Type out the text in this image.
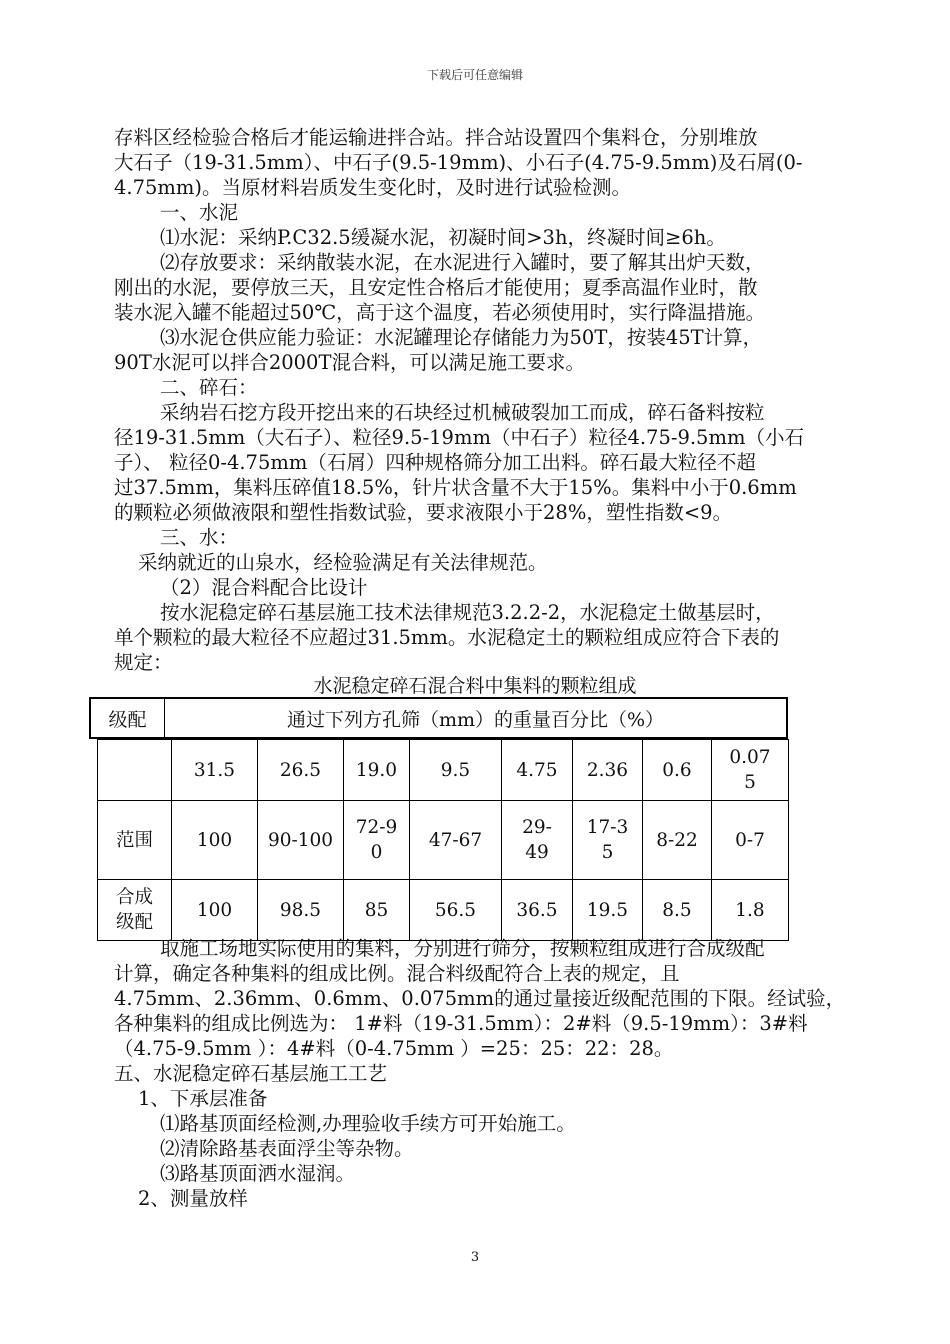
下载后可任意编辑
存料区经检验合格后才能运输进拌合站。拌合站设置四个集料仓，分别堆放
大石子（19-31.5mm）、中石子(9.5-19mm)、小石子(4.75-9.5mm)及石屑(0-
4.75mm)。当原材料岩质发生变化时，及时进行试验检测。
一、水泥
⑴水泥：采纳P.C32.5缓凝水泥，初凝时间>3h，终凝时间≥6h。
⑵存放要求：采纳散装水泥，在水泥进行入罐时，要了解其出炉天数，
刚出的水泥，要停放三天，且安定性合格后才能使用；夏季高温作业时，散
装水泥入罐不能超过50℃，高于这个温度，若必须使用时，实行降温措施。
⑶水泥仓供应能力验证：水泥罐理论存储能力为50T，按装45T计算，
90T水泥可以拌合2000T混合料，可以满足施工要求。
二、碎石：
采纳岩石挖方段开挖出来的石块经过机械破裂加工而成，碎石备料按粒
径19-31.5mm（大石子）、粒径9.5-19mm（中石子）粒径4.75-9.5mm（小石
子）、 粒径0-4.75mm（石屑）四种规格筛分加工出料。碎石最大粒径不超
过37.5mm，集料压碎值18.5%，针片状含量不大于15%。集料中小于0.6mm
的颗粒必须做液限和塑性指数试验，要求液限小于28%，塑性指数<9。
三、水：
采纳就近的山泉水，经检验满足有关法律规范。
（2）混合料配合比设计
按水泥稳定碎石基层施工技术法律规范3.2.2-2，水泥稳定土做基层时，
单个颗粒的最大粒径不应超过31.5mm。水泥稳定土的颗粒组成应符合下表的
规定：
水泥稳定碎石混合料中集料的颗粒组成
级配	通过下列方孔筛（mm）的重量百分比（%）
	31.5	26.5	19.0	9.5	4.75	2.36	0.6	0.075
范围	100	90-100	72-90	47-67	29-49	17-35	8-22	0-7
合成级配	100	98.5	85	56.5	36.5	19.5	8.5	1.8
取施工场地实际使用的集料，分别进行筛分，按颗粒组成进行合成级配
计算，确定各种集料的组成比例。混合料级配符合上表的规定，且
4.75mm、2.36mm、0.6mm、0.075mm的通过量接近级配范围的下限。经试验，
各种集料的组成比例选为： 1#料（19-31.5mm）：2#料（9.5-19mm）：3#料
（4.75-9.5mm ）：4#料（0-4.75mm ）=25：25：22：28。
五、水泥稳定碎石基层施工工艺
1、下承层准备
⑴路基顶面经检测,办理验收手续方可开始施工。
⑵清除路基表面浮尘等杂物。
⑶路基顶面洒水湿润。
2、测量放样
3
